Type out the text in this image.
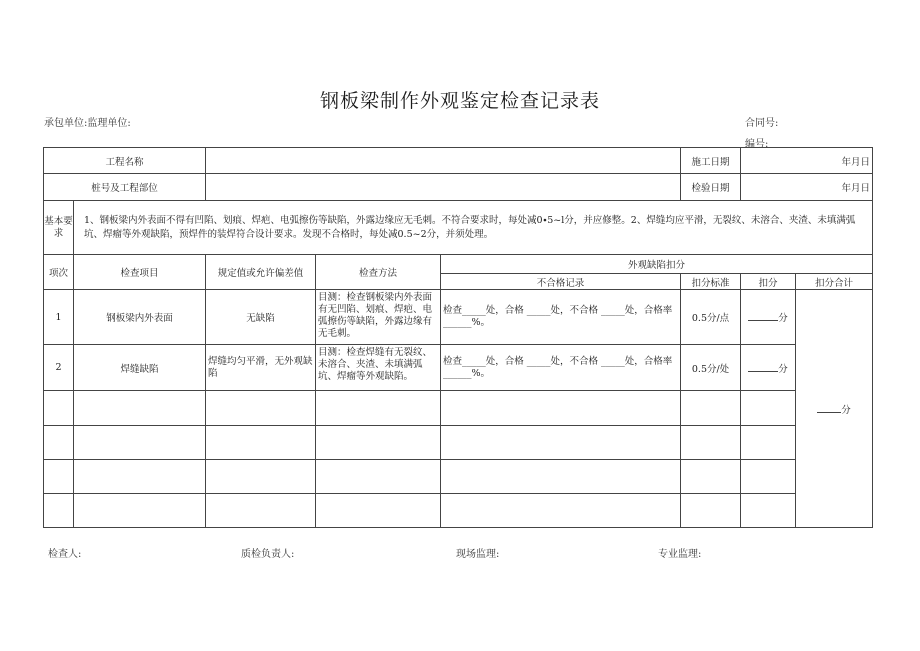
钢板梁制作外观鉴定检查记录表
承包单位:监理单位:	合同号:
编号:
工程名称					施工日期	年月日	
桩号及工程部位					检验日期	年月日	
基本要求	1、钢板梁内外表面不得有凹陷、划痕、焊疤、电弧擦伤等缺陷，外露边缘应无毛刺。不符合要求时，每处减0∙5~l分，并应修整。2、焊缝均应平滑，无裂纹、未溶合、夹渣、未填满弧坑、焊瘤等外观缺陷，预焊件的装焊符合设计要求。发现不合格时，每处减0.5~2分，并须处理。						
项次	检查项目	规定值或允许偏差值	检查方法	外观缺陷扣分			
				不合格记录	扣分标准	扣分	扣分合计
1	钢板梁内外表面	无缺陷	目测：检查钢板梁内外表面有无凹陷、划痕、焊疤、电弧擦伤等缺陷，外露边缘有无毛刺。	检查_____处，合格 _____处，不合格 _____处，合格率______%。	0.5分/点	分	分
2	焊缝缺陷	焊缝均匀平滑，无外观缺陷	目测：检查焊缝有无裂纹、未溶合、夹渣、未填满弧坑、焊瘤等外观缺陷。	检查_____处，合格 _____处，不合格 _____处，合格率______%。	0.5分/处	分	

检查人:	质检负责人:	现场监理:	专业监理:
